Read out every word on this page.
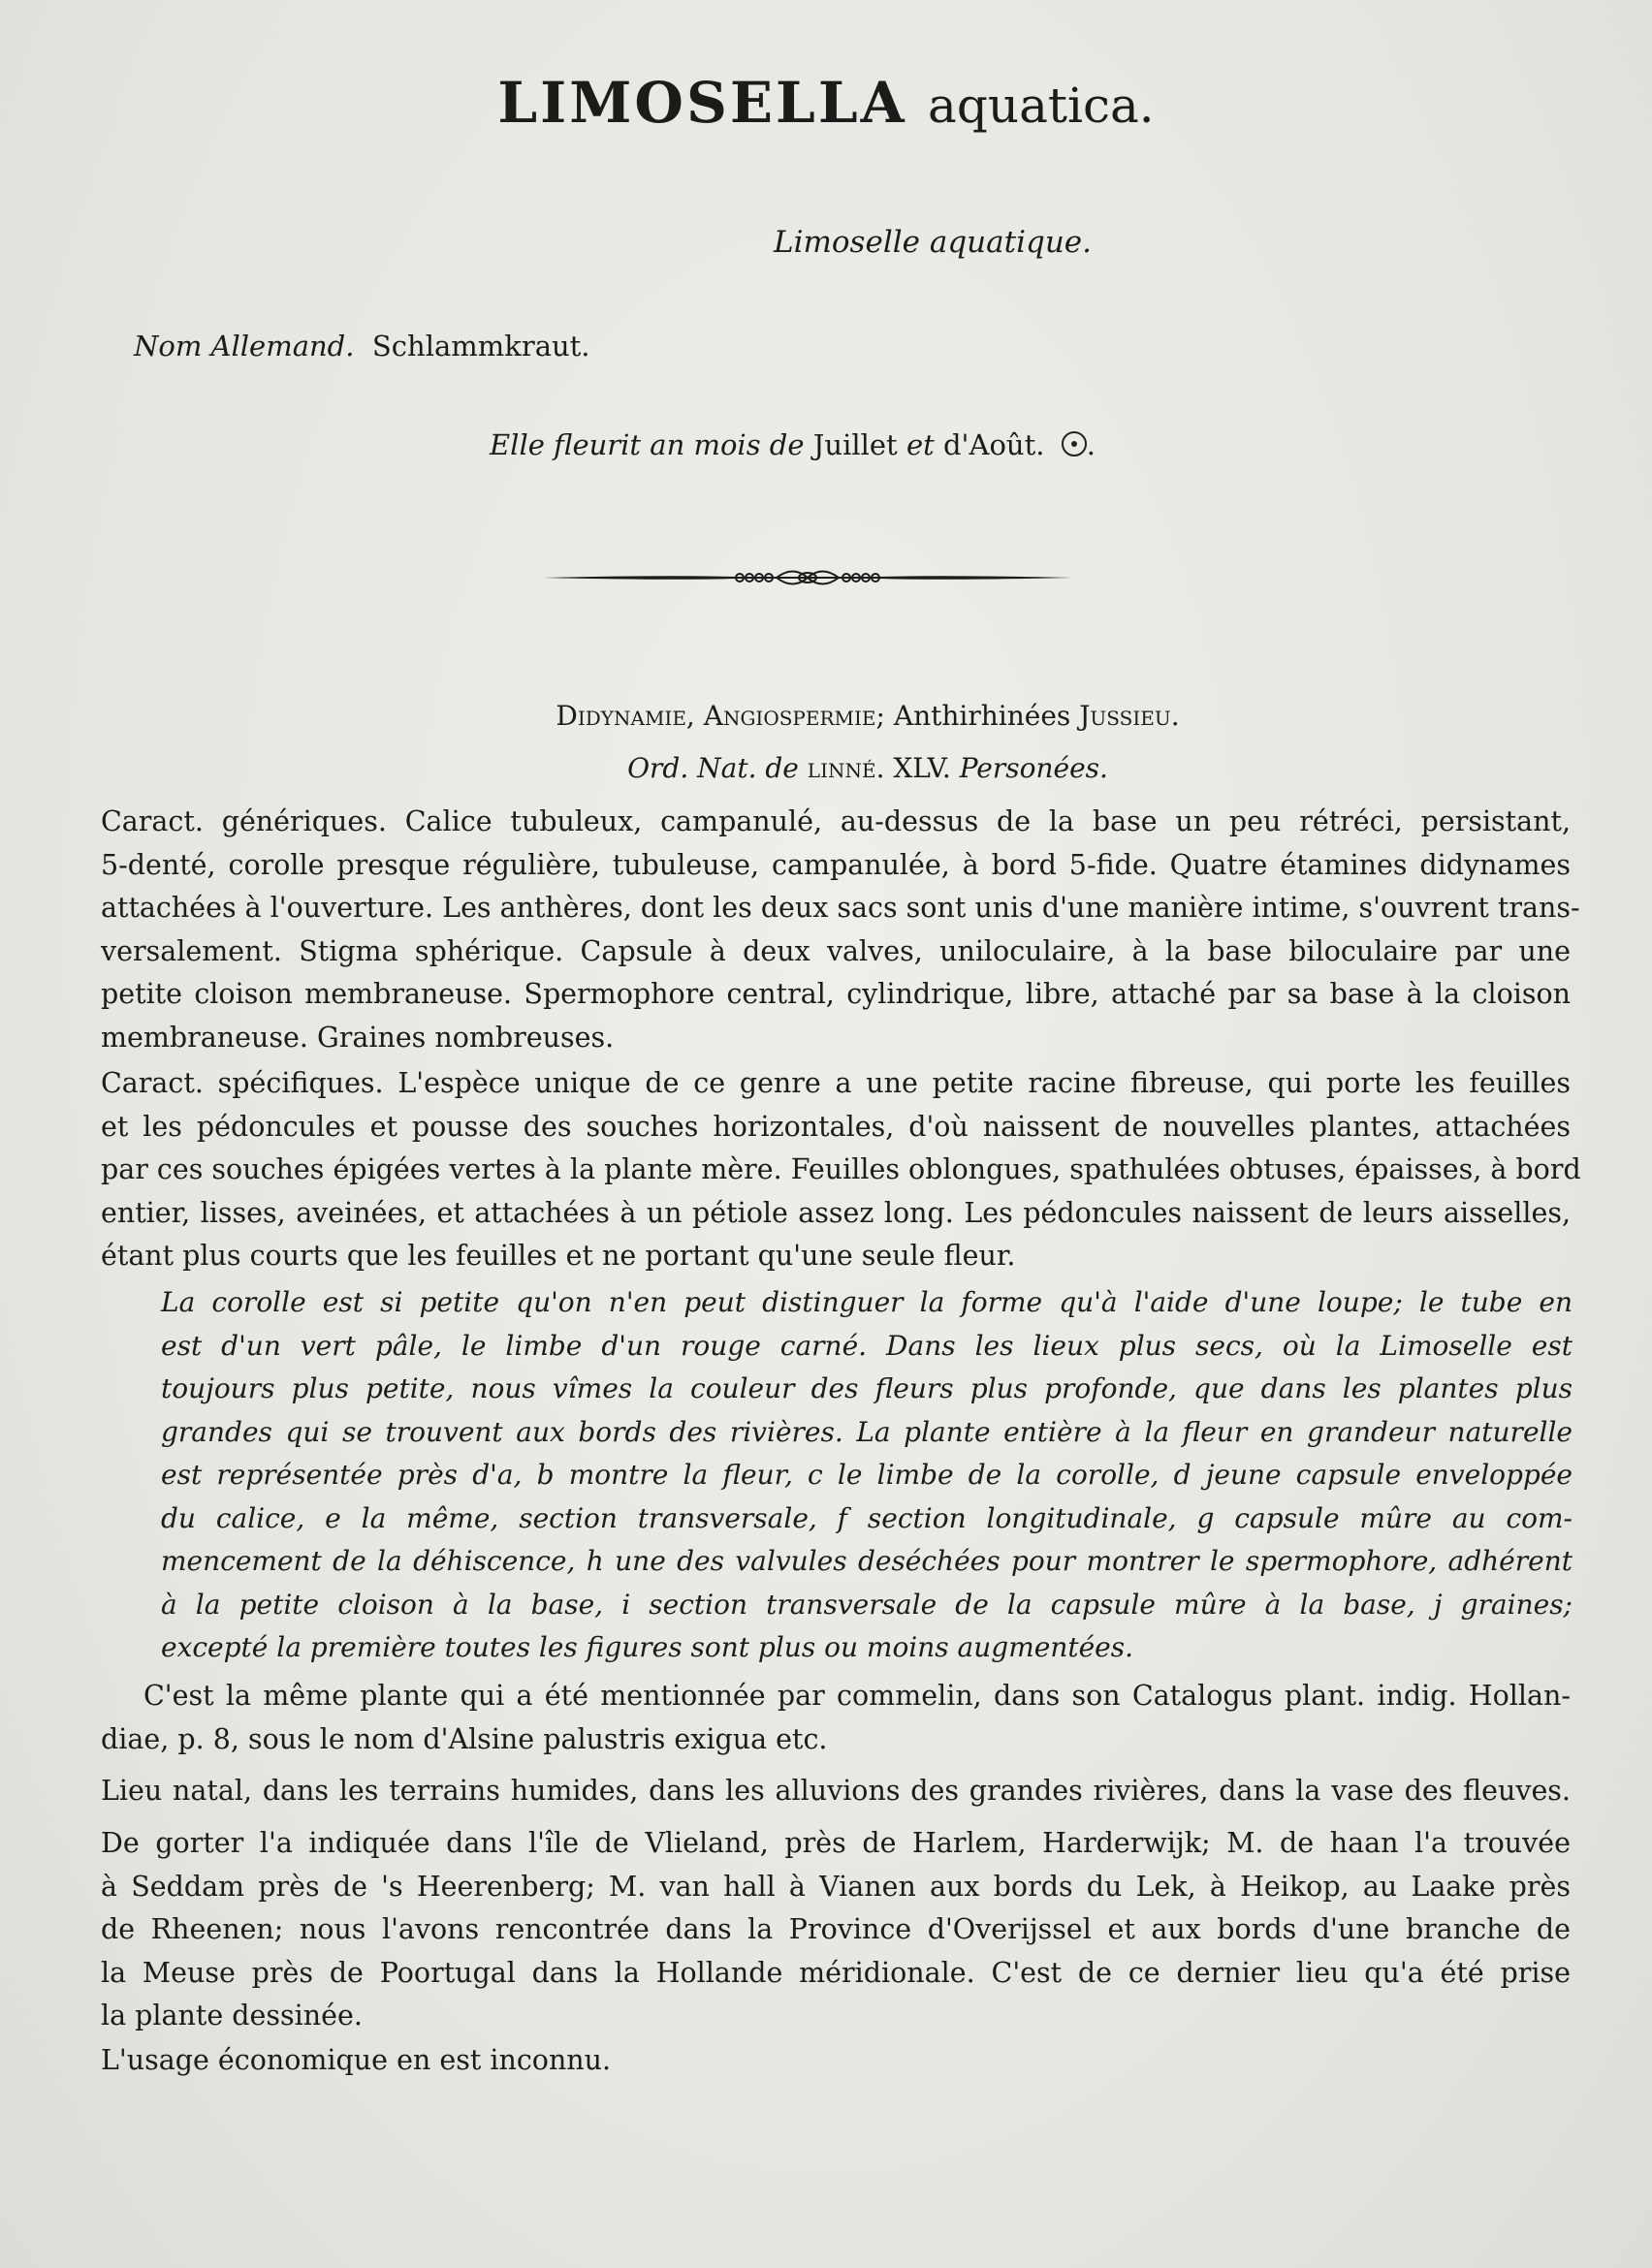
LIMOSELLA aquatica.
Limoselle aquatique.
Nom Allemand. Schlammkraut.
Elle fleurit an mois de Juillet et d'Août. .
Didynamie, Angiospermie; Anthirhinées Jussieu.
Ord. Nat. de linné. XLV. Personées.
Caract. génériques. Calice tubuleux, campanulé, au-dessus de la base un peu rétréci, persistant,
5-denté, corolle presque régulière, tubuleuse, campanulée, à bord 5-fide. Quatre étamines didynames
attachées à l'ouverture. Les anthères, dont les deux sacs sont unis d'une manière intime, s'ouvrent trans-
versalement. Stigma sphérique. Capsule à deux valves, uniloculaire, à la base biloculaire par une
petite cloison membraneuse. Spermophore central, cylindrique, libre, attaché par sa base à la cloison
membraneuse. Graines nombreuses.
Caract. spécifiques. L'espèce unique de ce genre a une petite racine fibreuse, qui porte les feuilles
et les pédoncules et pousse des souches horizontales, d'où naissent de nouvelles plantes, attachées
par ces souches épigées vertes à la plante mère. Feuilles oblongues, spathulées obtuses, épaisses, à bord
entier, lisses, aveinées, et attachées à un pétiole assez long. Les pédoncules naissent de leurs aisselles,
étant plus courts que les feuilles et ne portant qu'une seule fleur.
La corolle est si petite qu'on n'en peut distinguer la forme qu'à l'aide d'une loupe; le tube en
est d'un vert pâle, le limbe d'un rouge carné. Dans les lieux plus secs, où la Limoselle est
toujours plus petite, nous vîmes la couleur des fleurs plus profonde, que dans les plantes plus
grandes qui se trouvent aux bords des rivières. La plante entière à la fleur en grandeur naturelle
est représentée près d'a, b montre la fleur, c le limbe de la corolle, d jeune capsule enveloppée
du calice, e la même, section transversale, f section longitudinale, g capsule mûre au com-
mencement de la déhiscence, h une des valvules deséchées pour montrer le spermophore, adhérent
à la petite cloison à la base, i section transversale de la capsule mûre à la base, j graines;
excepté la première toutes les figures sont plus ou moins augmentées.
C'est la même plante qui a été mentionnée par commelin, dans son Catalogus plant. indig. Hollan-
diae, p. 8, sous le nom d'Alsine palustris exigua etc.
Lieu natal, dans les terrains humides, dans les alluvions des grandes rivières, dans la vase des fleuves.
De gorter l'a indiquée dans l'île de Vlieland, près de Harlem, Harderwijk; M. de haan l'a trouvée
à Seddam près de 's Heerenberg; M. van hall à Vianen aux bords du Lek, à Heikop, au Laake près
de Rheenen; nous l'avons rencontrée dans la Province d'Overijssel et aux bords d'une branche de
la Meuse près de Poortugal dans la Hollande méridionale. C'est de ce dernier lieu qu'a été prise
la plante dessinée.
L'usage économique en est inconnu.
